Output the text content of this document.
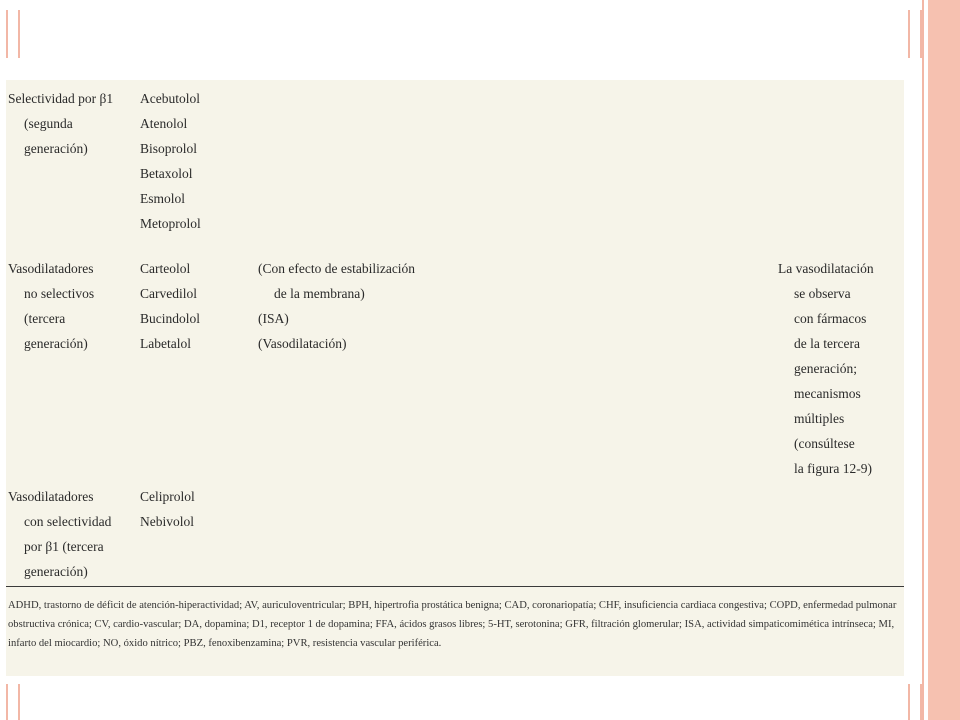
Selectividad por β1
(segunda
generación)
Acebutolol
Atenolol
Bisoprolol
Betaxolol
Esmolol
Metoprolol
Vasodilatadores
no selectivos
(tercera
generación)
Carteolol
Carvedilol
Bucindolol
Labetalol
(Con efecto de estabilización
de la membrana)
(ISA)
(Vasodilatación)
La vasodilatación
se observa
con fármacos
de la tercera
generación;
mecanismos
múltiples
(consúltese
la figura 12-9)
Vasodilatadores
con selectividad
por β1 (tercera
generación)
Celiprolol
Nebivolol
ADHD, trastorno de déficit de atención-hiperactividad; AV, auriculoventricular; BPH, hipertrofia prostática benigna; CAD, coronariopatía; CHF, insuficiencia cardiaca congestiva; COPD, enfermedad pulmonar obstructiva crónica; CV, cardio-vascular; DA, dopamina; D1, receptor 1 de dopamina; FFA, ácidos grasos libres; 5-HT, serotonina; GFR, filtración glomerular; ISA, actividad simpaticomimética intrínseca; MI, infarto del miocardio; NO, óxido nítrico; PBZ, fenoxibenzamina; PVR, resistencia vascular periférica.
